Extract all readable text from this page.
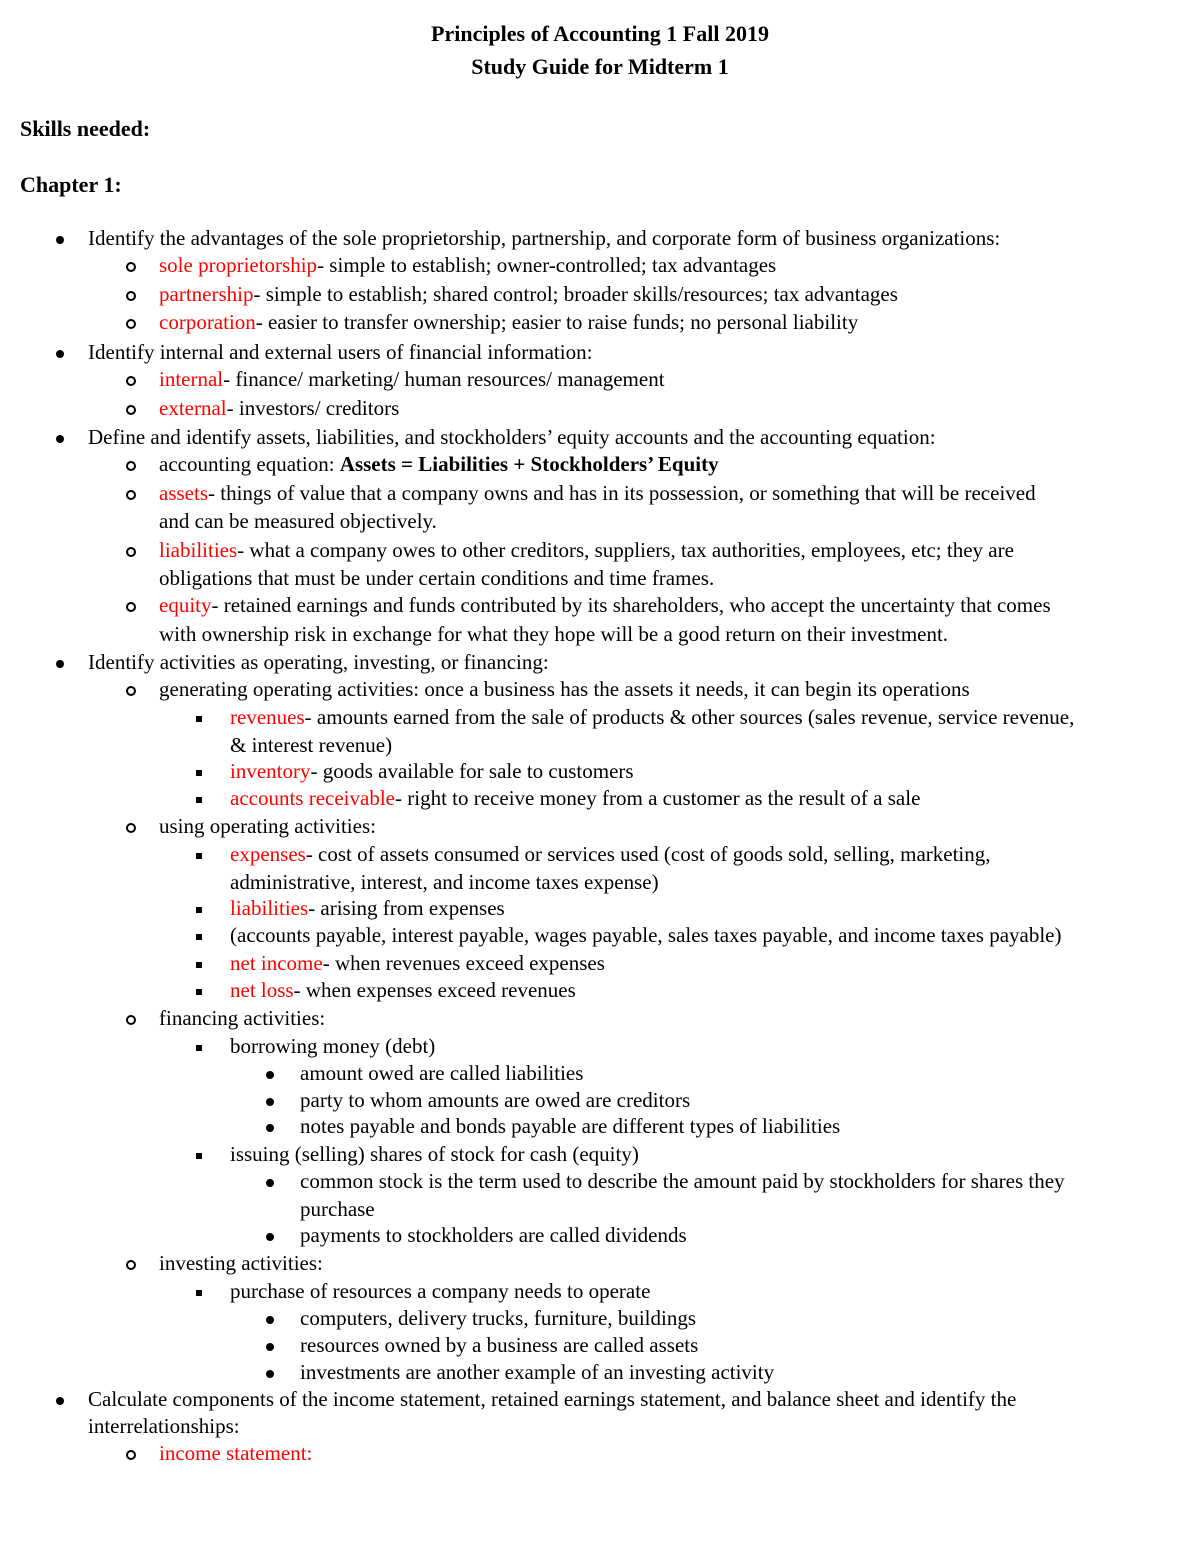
Principles of Accounting 1 Fall 2019
Study Guide for Midterm 1
Skills needed:
Chapter 1:
Identify the advantages of the sole proprietorship, partnership, and corporate form of business organizations:
sole proprietorship- simple to establish; owner-controlled; tax advantages
partnership- simple to establish; shared control; broader skills/resources; tax advantages
corporation- easier to transfer ownership; easier to raise funds; no personal liability
Identify internal and external users of financial information:
internal- finance/ marketing/ human resources/ management
external- investors/ creditors
Define and identify assets, liabilities, and stockholders’ equity accounts and the accounting equation:
accounting equation: Assets = Liabilities + Stockholders’ Equity
assets- things of value that a company owns and has in its possession, or something that will be received
and can be measured objectively.
liabilities- what a company owes to other creditors, suppliers, tax authorities, employees, etc; they are
obligations that must be under certain conditions and time frames.
equity- retained earnings and funds contributed by its shareholders, who accept the uncertainty that comes
with ownership risk in exchange for what they hope will be a good return on their investment.
Identify activities as operating, investing, or financing:
generating operating activities: once a business has the assets it needs, it can begin its operations
revenues- amounts earned from the sale of products & other sources (sales revenue, service revenue,
& interest revenue)
inventory- goods available for sale to customers
accounts receivable- right to receive money from a customer as the result of a sale
using operating activities:
expenses- cost of assets consumed or services used (cost of goods sold, selling, marketing,
administrative, interest, and income taxes expense)
liabilities- arising from expenses
(accounts payable, interest payable, wages payable, sales taxes payable, and income taxes payable)
net income- when revenues exceed expenses
net loss- when expenses exceed revenues
financing activities:
borrowing money (debt)
amount owed are called liabilities
party to whom amounts are owed are creditors
notes payable and bonds payable are different types of liabilities
issuing (selling) shares of stock for cash (equity)
common stock is the term used to describe the amount paid by stockholders for shares they
purchase
payments to stockholders are called dividends
investing activities:
purchase of resources a company needs to operate
computers, delivery trucks, furniture, buildings
resources owned by a business are called assets
investments are another example of an investing activity
Calculate components of the income statement, retained earnings statement, and balance sheet and identify the
interrelationships:
income statement:
